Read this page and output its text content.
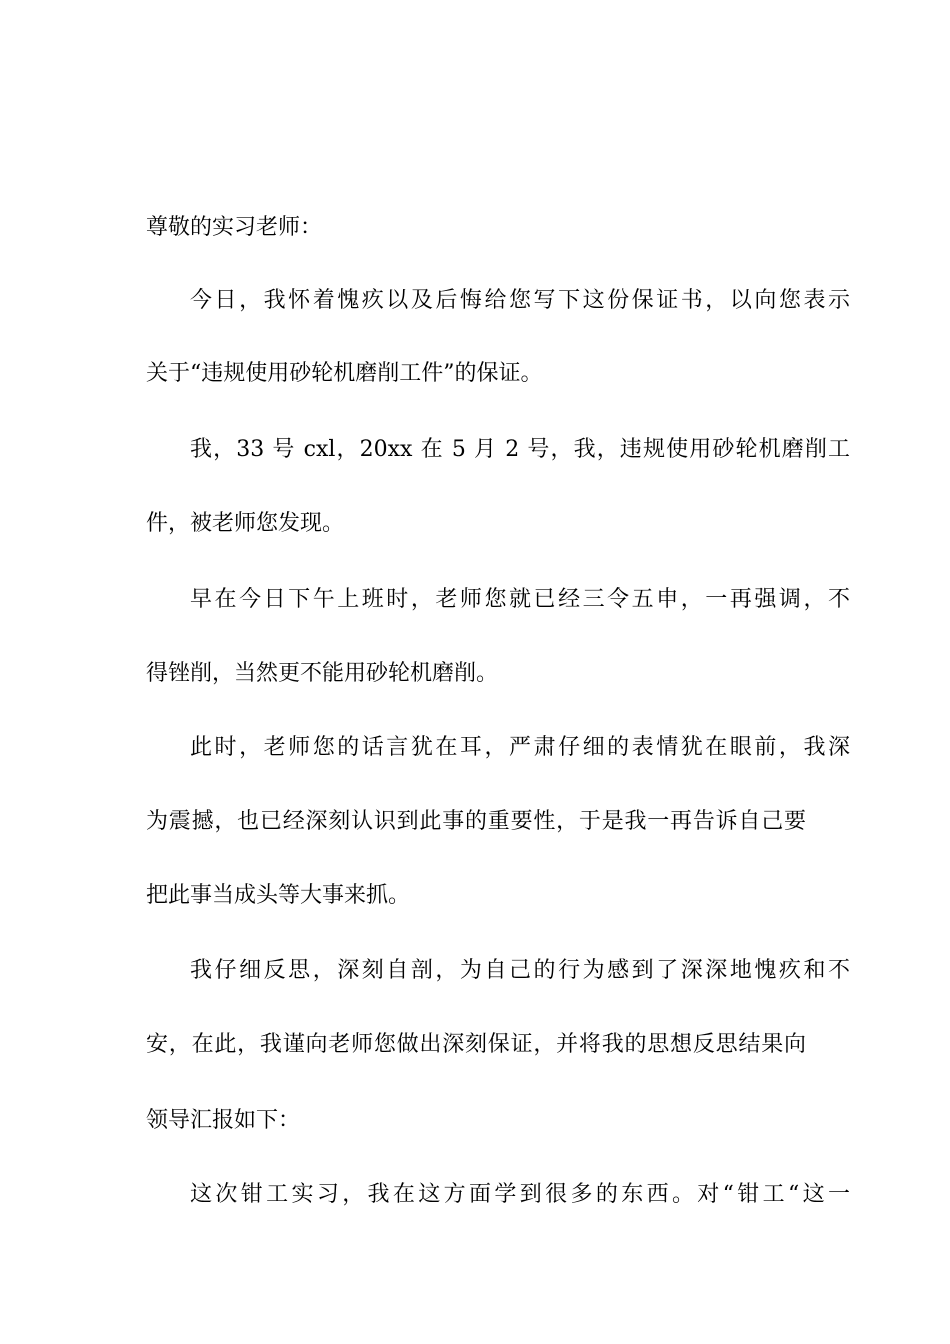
尊敬的实习老师：
今日，我怀着愧疚以及后悔给您写下这份保证书，以向您表示
关于“违规使用砂轮机磨削工件”的保证。
我，33 号 cxl，20xx 在 5 月 2 号，我，违规使用砂轮机磨削工
件，被老师您发现。
早在今日下午上班时，老师您就已经三令五申，一再强调，不
得锉削，当然更不能用砂轮机磨削。
此时，老师您的话言犹在耳，严肃仔细的表情犹在眼前，我深
为震撼，也已经深刻认识到此事的重要性，于是我一再告诉自己要
把此事当成头等大事来抓。
我仔细反思，深刻自剖，为自己的行为感到了深深地愧疚和不
安，在此，我谨向老师您做出深刻保证，并将我的思想反思结果向
领导汇报如下：
这次钳工实习，我在这方面学到很多的东西。对“钳工“这一
